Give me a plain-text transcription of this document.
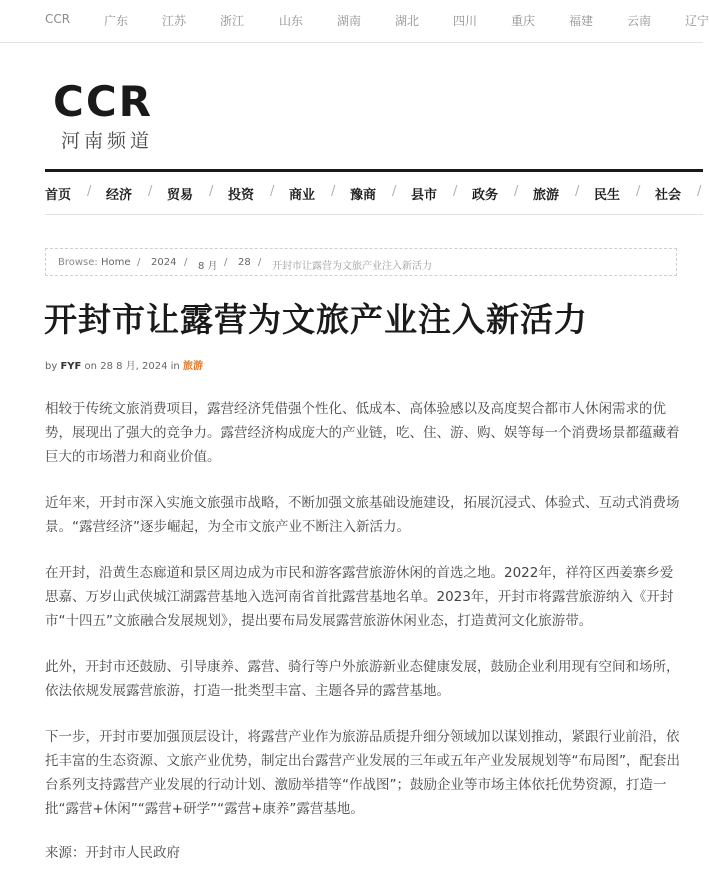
CCR	广东	江苏	浙江	山东	湖南	湖北	四川	重庆	福建	云南	辽宁
CCR
河南频道
首页 / 经济 / 贸易 / 投资 / 商业 / 豫商 / 县市 / 政务 / 旅游 / 民生 / 社会 /
Browse: Home / 2024 / 8 月 / 28 / 开封市让露营为文旅产业注入新活力
开封市让露营为文旅产业注入新活力
by FYF on 28 8 月, 2024 in 旅游

相较于传统文旅消费项目，露营经济凭借强个性化、低成本、高体验感以及高度契合都市人休闲需求的优势，展现出了强大的竞争力。露营经济构成庞大的产业链，吃、住、游、购、娱等每一个消费场景都蕴藏着巨大的市场潜力和商业价值。

近年来，开封市深入实施文旅强市战略，不断加强文旅基础设施建设，拓展沉浸式、体验式、互动式消费场景。“露营经济”逐步崛起，为全市文旅产业不断注入新活力。

在开封，沿黄生态廊道和景区周边成为市民和游客露营旅游休闲的首选之地。2022年，祥符区西姜寨乡爱思嘉、万岁山武侠城江湖露营基地入选河南省首批露营基地名单。2023年，开封市将露营旅游纳入《开封市“十四五”文旅融合发展规划》，提出要布局发展露营旅游休闲业态，打造黄河文化旅游带。

此外，开封市还鼓励、引导康养、露营、骑行等户外旅游新业态健康发展，鼓励企业利用现有空间和场所，依法依规发展露营旅游，打造一批类型丰富、主题各异的露营基地。

下一步，开封市要加强顶层设计，将露营产业作为旅游品质提升细分领域加以谋划推动，紧跟行业前沿，依托丰富的生态资源、文旅产业优势，制定出台露营产业发展的三年或五年产业发展规划等“布局图”，配套出台系列支持露营产业发展的行动计划、激励举措等“作战图”；鼓励企业等市场主体依托优势资源，打造一批“露营+休闲”“露营+研学”“露营+康养”露营基地。

来源：开封市人民政府
